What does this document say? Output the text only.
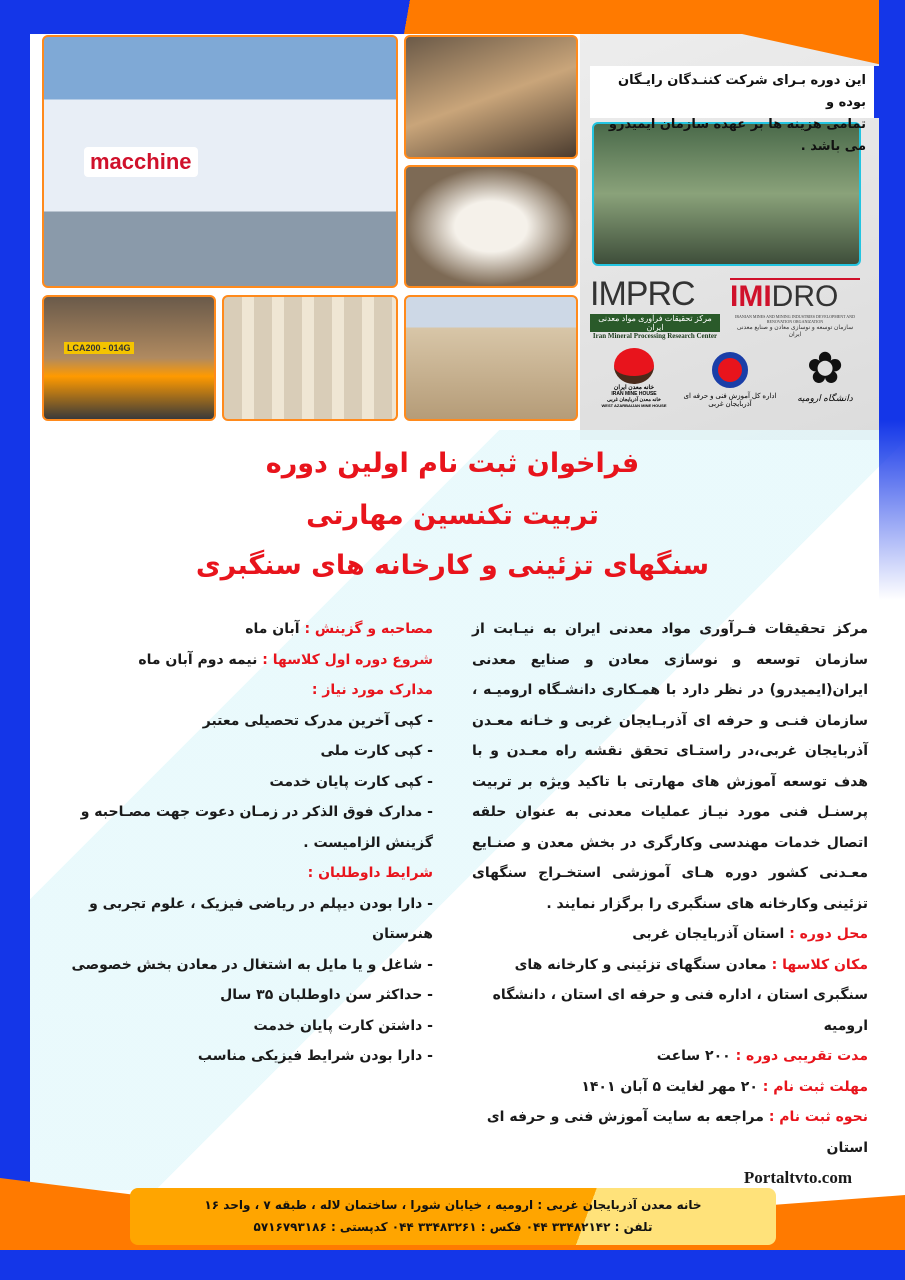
macchine
LCA200 - 014G
این دوره بـرای شرکت کننـدگان رایـگان بوده و
تمامی هزینه ها بر عهده سازمان ایمیدرو می باشد .
IMPRC
مرکز تحقیقات فرآوری مواد معدنی ایران
Iran Mineral Processing Research Center
IMIDRO
IRANIAN MINES AND MINING INDUSTRIES DEVELOPMENT AND RENOVATION ORGANIZATION
سازمان توسعه و نوسازی معادن و صنایع معدنی ایران
خانه معدن ایران
IRAN MINE HOUSE
خانه معدن آذربایجان غربی
WEST AZARBAIJAN MINE HOUSE
اداره کل آموزش فنی و حرفه ای
آذربایجان غربی
✿
دانشگاه ارومیه
فراخوان ثبت نام اولین دوره
تربیت تکنسین مهارتی
سنگهای تزئینی و کارخانه های سنگبری

مرکز تحقیقات فـرآوری مواد معدنی ایران به نیـابت از سازمان توسعه و نوسازی معادن و صنایع معدنی ایران(ایمیدرو) در نظر دارد با همـکاری دانشـگاه ارومیـه ، سازمان فنـی و حرفه ای آذربـایجان غربی و خـانه معـدن آذربایجان غربی،در راستـای تحقق نقشه راه معـدن و با هدف توسعه آموزش های مهارتی با تاکید ویژه بر تربیت پرسنـل فنی مورد نیـاز عملیات معدنی به عنوان حلقه اتصال خدمات مهندسی وکارگری در بخش معدن و صنـایع معـدنی کشور دوره هـای آموزشی استخـراج سنگهای تزئینی وکارخانه های سنگبری را برگزار نمایند .

محل دوره : استان آذربایجان غربی
مکان کلاسها : معادن سنگهای تزئینی و کارخانه های سنگبری استان ، اداره فنی و حرفه ای استان ، دانشگاه ارومیه
مدت تقریبی دوره : ۲۰۰ ساعت
مهلت ثبت نام : ۲۰ مهر لغایت ۵ آبان ۱۴۰۱
نحوه ثبت نام : مراجعه به سایت آموزش فنی و حرفه ای استان
Portaltvto.com
مصاحبه و گزینش : آبان ماه
شروع دوره اول کلاسها : نیمه دوم آبان ماه
مدارک مورد نیاز :
- کپی آخرین مدرک تحصیلی معتبر
- کپی کارت ملی
- کپی کارت پایان خدمت
- مدارک فوق الذکر در زمـان دعوت جهت مصـاحبه و گزینش الزامیست .
شرایط داوطلبان :
- دارا بودن دیپلم در ریاضی فیزیک ، علوم تجربی و هنرستان
- شاغل و یا مایل به اشتغال در معادن بخش خصوصی
- حداکثر سن داوطلبان ۳۵ سال
- داشتن کارت پایان خدمت
- دارا بودن شرایط فیزیکی مناسب
خانه معدن آذربایجان غربی : ارومیه ، خیابان شورا ، ساختمان لاله ، طبقه ۷ ، واحد ۱۶
تلفن : ۳۳۴۸۲۱۴۲ ۰۴۴ فکس : ۳۳۴۸۳۲۶۱ ۰۴۴ کدپستی : ۵۷۱۶۷۹۳۱۸۶
